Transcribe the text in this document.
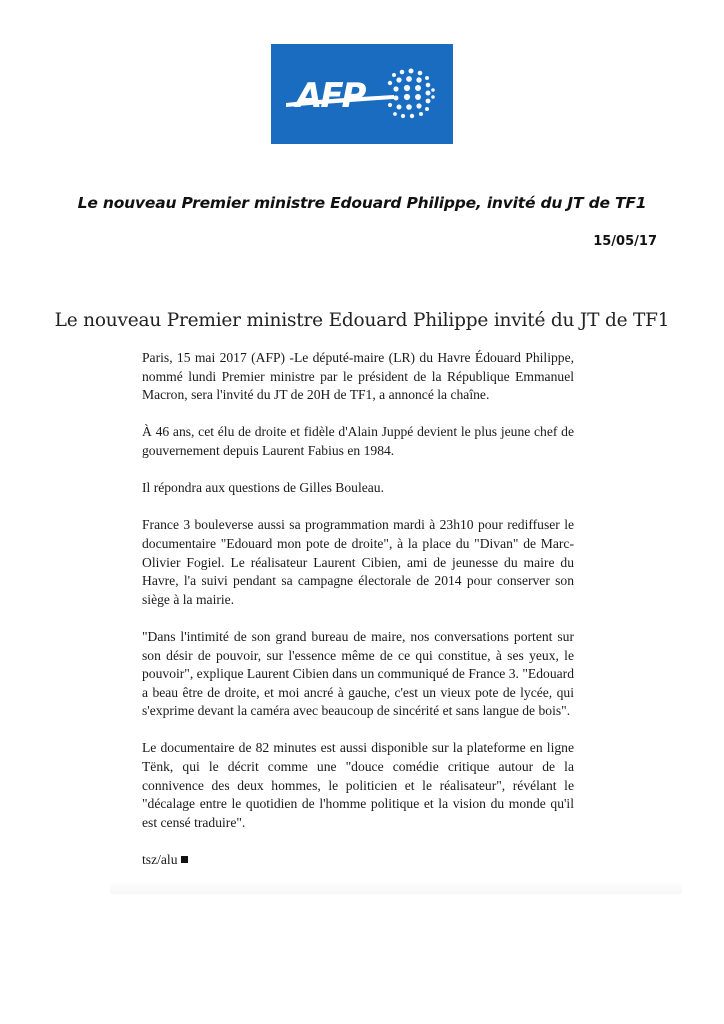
AFP
Le nouveau Premier ministre Edouard Philippe, invité du JT de TF1
15/05/17
Le nouveau Premier ministre Edouard Philippe invité du JT de TF1

Paris, 15 mai 2017 (AFP) -Le député-maire (LR) du Havre Édouard Philippe, nommé lundi Premier ministre par le président de la République Emmanuel Macron, sera l'invité du JT de 20H de TF1, a annoncé la chaîne.

À 46 ans, cet élu de droite et fidèle d'Alain Juppé devient le plus jeune chef de gouvernement depuis Laurent Fabius en 1984.

Il répondra aux questions de Gilles Bouleau.

France 3 bouleverse aussi sa programmation mardi à 23h10 pour rediffuser le documentaire "Edouard mon pote de droite", à la place du "Divan" de Marc-Olivier Fogiel. Le réalisateur Laurent Cibien, ami de jeunesse du maire du Havre, l'a suivi pendant sa campagne électorale de 2014 pour conserver son siège à la mairie.

"Dans l'intimité de son grand bureau de maire, nos conversations portent sur son désir de pouvoir, sur l'essence même de ce qui constitue, à ses yeux, le pouvoir", explique Laurent Cibien dans un communiqué de France 3. "Edouard a beau être de droite, et moi ancré à gauche, c'est un vieux pote de lycée, qui s'exprime devant la caméra avec beaucoup de sincérité et sans langue de bois".

Le documentaire de 82 minutes est aussi disponible sur la plateforme en ligne Tënk, qui le décrit comme une "douce comédie critique autour de la connivence des deux hommes, le politicien et le réalisateur", révélant le "décalage entre le quotidien de l'homme politique et la vision du monde qu'il est censé traduire".

tsz/alu
